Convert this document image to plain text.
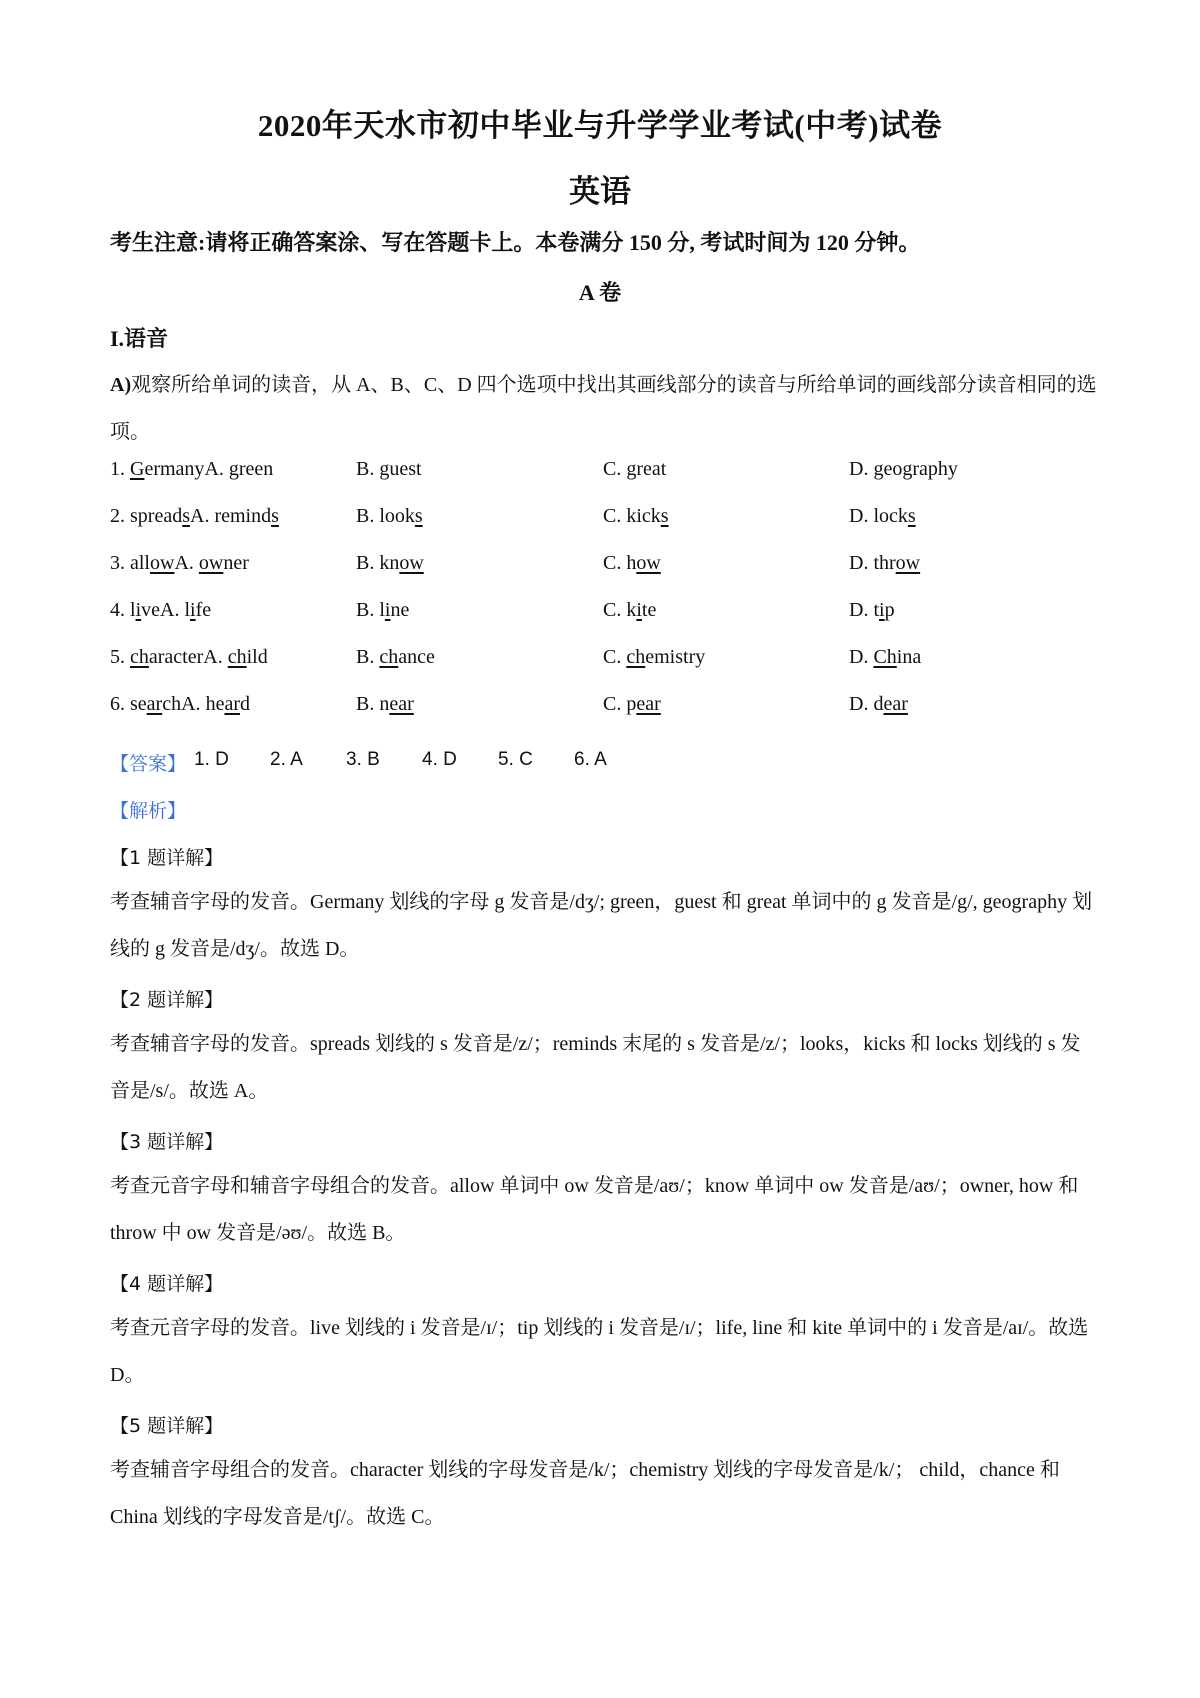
2020年天水市初中毕业与升学学业考试(中考)试卷
英语
考生注意:请将正确答案涂、写在答题卡上。本卷满分 150 分, 考试时间为 120 分钟。
A 卷
I.语音
A)观察所给单词的读音，从 A、B、C、D 四个选项中找出其画线部分的读音与所给单词的画线部分读音相同的选项。
1. GermanyA. green	B. guest	C. great	D. geography
2. spreadsA. reminds	B. looks	C. kicks	D. locks
3. allowA. owner	B. know	C. how	D. throw
4. liveA. life	B. line	C. kite	D. tip
5. characterA. child	B. chance	C. chemistry	D. China
6. searchA. heard	B. near	C. pear	D. dear
【答案】 1. D 2. A 3. B 4. D 5. C 6. A
【解析】
【1 题详解】
考查辅音字母的发音。Germany 划线的字母 g 发音是/dʒ/; green，guest 和 great 单词中的 g 发音是/g/, geography 划线的 g 发音是/dʒ/。故选 D。
【2 题详解】
考查辅音字母的发音。spreads 划线的 s 发音是/z/；reminds 末尾的 s 发音是/z/；looks，kicks 和 locks 划线的 s 发音是/s/。故选 A。
【3 题详解】
考查元音字母和辅音字母组合的发音。allow 单词中 ow 发音是/aʊ/；know 单词中 ow 发音是/aʊ/；owner, how 和 throw 中 ow 发音是/əʊ/。故选 B。
【4 题详解】
考查元音字母的发音。live 划线的 i 发音是/ɪ/；tip 划线的 i 发音是/ɪ/；life, line 和 kite 单词中的 i 发音是/aɪ/。故选 D。
【5 题详解】
考查辅音字母组合的发音。character 划线的字母发音是/k/；chemistry 划线的字母发音是/k/； child，chance 和 China 划线的字母发音是/tʃ/。故选 C。
